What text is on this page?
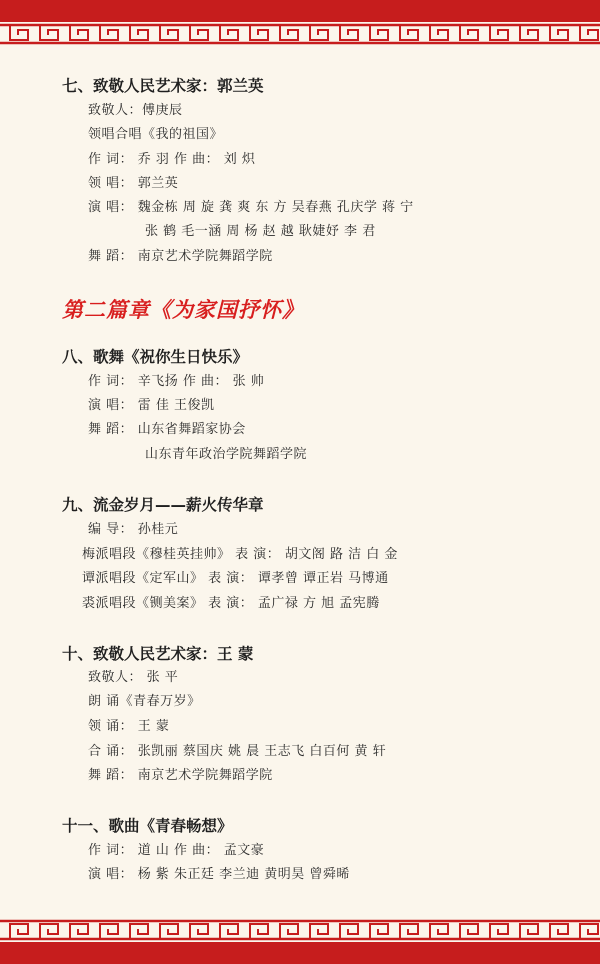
七、致敬人民艺术家：郭兰英
致敬人：傅庚辰
领唱合唱《我的祖国》
作 词： 乔 羽 作 曲： 刘 炽
领 唱： 郭兰英
演 唱： 魏金栋 周 旋 龚 爽 东 方 吴春燕 孔庆学 蒋 宁
张 鹤 毛一涵 周 杨 赵 越 耿婕妤 李 君
舞 蹈： 南京艺术学院舞蹈学院
第二篇章《为家国抒怀》
八、歌舞《祝你生日快乐》
作 词： 辛飞扬 作 曲： 张 帅
演 唱： 雷 佳 王俊凯
舞 蹈： 山东省舞蹈家协会
山东青年政治学院舞蹈学院
九、流金岁月——薪火传华章
编 导： 孙桂元
梅派唱段《穆桂英挂帅》 表 演： 胡文阁 路 洁 白 金
谭派唱段《定军山》 表 演： 谭孝曾 谭正岩 马博通
裘派唱段《铡美案》 表 演： 孟广禄 方 旭 孟宪腾
十、致敬人民艺术家：王 蒙
致敬人： 张 平
朗 诵《青春万岁》
领 诵： 王 蒙
合 诵： 张凯丽 蔡国庆 姚 晨 王志飞 白百何 黄 轩
舞 蹈： 南京艺术学院舞蹈学院
十一、歌曲《青春畅想》
作 词： 道 山 作 曲： 孟文豪
演 唱： 杨 紫 朱正廷 李兰迪 黄明昊 曾舜晞
